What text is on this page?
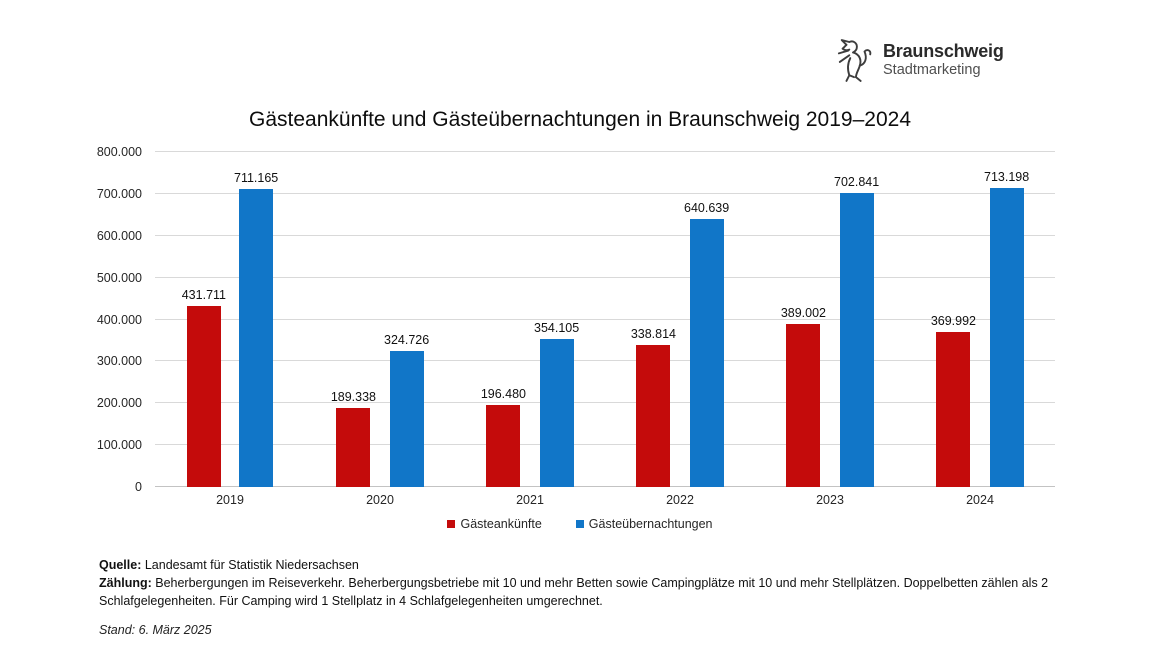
Braunschweig
Stadtmarketing
Gästeankünfte und Gästeübernachtungen in Braunschweig 2019–2024
0
100.000
200.000
300.000
400.000
500.000
600.000
700.000
800.000
431.711
711.165
189.338
324.726
196.480
354.105	338.814
640.639
389.002
702.841
369.992
713.198
2019	2020	2021	2022	2023	2024
Gästeankünfte	Gästeübernachtungen

Quelle: Landesamt für Statistik Niedersachsen

Zählung: Beherbergungen im Reiseverkehr. Beherbergungsbetriebe mit 10 und mehr Betten sowie Campingplätze mit 10 und mehr Stellplätzen. Doppelbetten zählen als 2 Schlafgelegenheiten. Für Camping wird 1 Stellplatz in 4 Schlafgelegenheiten umgerechnet.

Stand: 6. März 2025
